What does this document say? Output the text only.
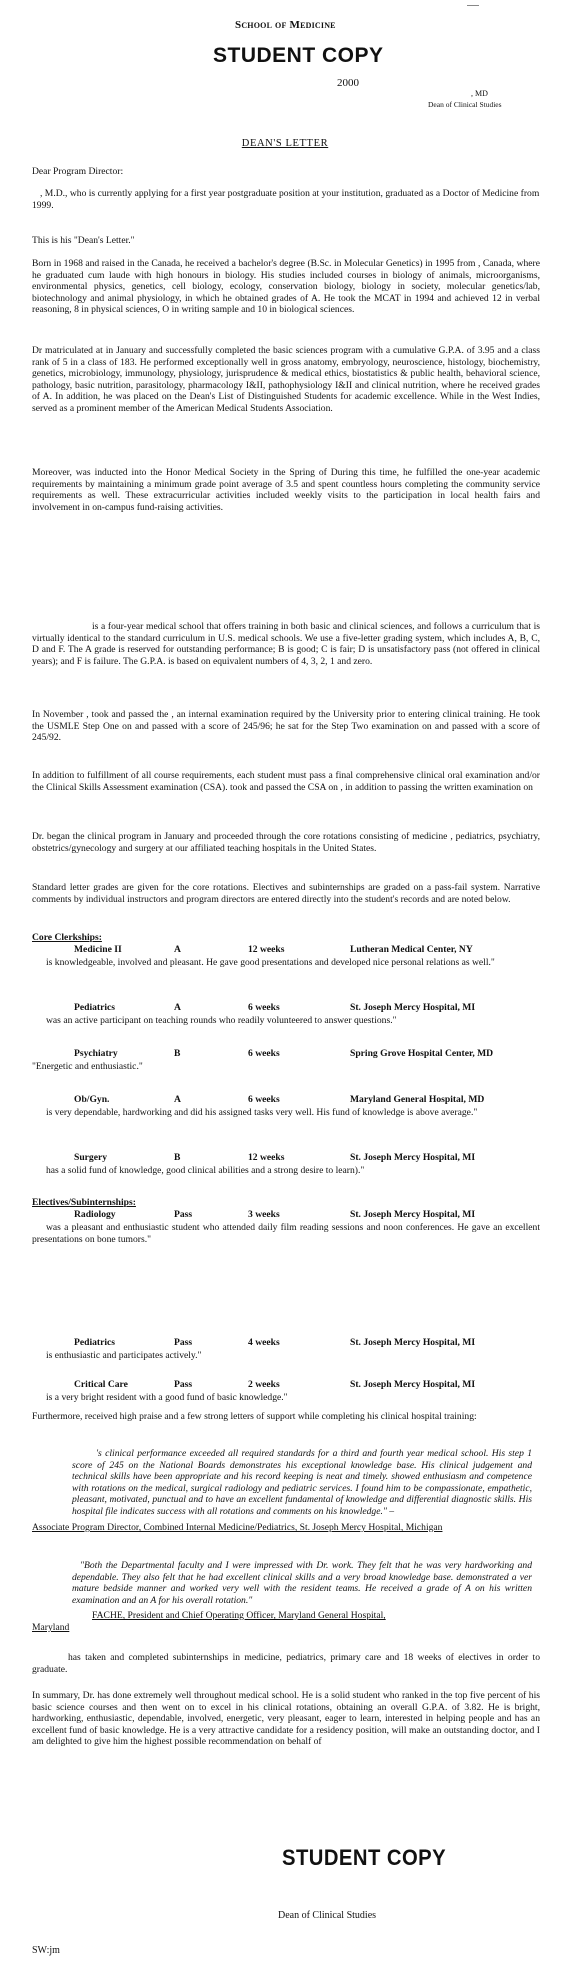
School of Medicine
STUDENT COPY
2000
, MD
Dean of Clinical Studies
DEAN'S LETTER

Dear Program Director:

, M.D., who is currently applying for a first year postgraduate position at your institution, graduated as a Doctor of Medicine from
1999.

This is his "Dean's Letter."

Born in 1968 and raised in the Canada, he received a bachelor's degree (B.Sc. in Molecular Genetics) in 1995 from , Canada, where he graduated cum laude with high honours in biology. His studies included courses in biology of animals, microorganisms, environmental physics, genetics, cell biology, ecology, conservation biology, biology in society, molecular genetics/lab, biotechnology and animal physiology, in which he obtained grades of A. He took the MCAT in 1994 and achieved 12 in verbal reasoning, 8 in physical sciences, O in writing sample and 10 in biological sciences.

Dr matriculated at in January and successfully completed the basic sciences program with a cumulative G.P.A. of 3.95 and a class rank of 5 in a class of 183. He performed exceptionally well in gross anatomy, embryology, neuroscience, histology, biochemistry, genetics, microbiology, immunology, physiology, jurisprudence & medical ethics, biostatistics & public health, behavioral science, pathology, basic nutrition, parasitology, pharmacology I&II, pathophysiology I&II and clinical nutrition, where he received grades of A. In addition, he was placed on the Dean's List of Distinguished Students for academic excellence. While in the West Indies, served as a prominent member of the American Medical Students Association.

Moreover, was inducted into the Honor Medical Society in the Spring of During this time, he fulfilled the one-year academic requirements by maintaining a minimum grade point average of 3.5 and spent countless hours completing the community service requirements as well. These extracurricular activities included weekly visits to the participation in local health fairs and involvement in on-campus fund-raising activities.

is a four-year medical school that offers training in both basic and clinical sciences, and follows a curriculum that is virtually identical to the standard curriculum in U.S. medical schools. We use a five-letter grading system, which includes A, B, C, D and F. The A grade is reserved for outstanding performance; B is good; C is fair; D is unsatisfactory pass (not offered in clinical years); and F is failure. The G.P.A. is based on equivalent numbers of 4, 3, 2, 1 and zero.

In November , took and passed the , an internal examination required by the University prior to entering clinical training. He took the USMLE Step One on and passed with a score of 245/96; he sat for the Step Two examination on and passed with a score of 245/92.

In addition to fulfillment of all course requirements, each student must pass a final comprehensive clinical oral examination and/or the Clinical Skills Assessment examination (CSA). took and passed the CSA on , in addition to passing the written examination on

Dr. began the clinical program in January and proceeded through the core rotations consisting of medicine , pediatrics, psychiatry, obstetrics/gynecology and surgery at our affiliated teaching hospitals in the United States.

Standard letter grades are given for the core rotations. Electives and subinternships are graded on a pass-fail system. Narrative comments by individual instructors and program directors are entered directly into the student's records and are noted below.

Core Clerkships:
Medicine II	A	12 weeks	Lutheran Medical Center, NY

is knowledgeable, involved and pleasant. He gave good presentations and developed nice personal relations as well."

Pediatrics	A	6 weeks	St. Joseph Mercy Hospital, MI

was an active participant on teaching rounds who readily volunteered to answer questions."

Psychiatry	B	6 weeks	Spring Grove Hospital Center, MD

"Energetic and enthusiastic."

Ob/Gyn.	A	6 weeks	Maryland General Hospital, MD

is very dependable, hardworking and did his assigned tasks very well. His fund of knowledge is above average."

Surgery	B	12 weeks	St. Joseph Mercy Hospital, MI

has a solid fund of knowledge, good clinical abilities and a strong desire to learn)."

Electives/Subinternships:
Radiology	Pass	3 weeks	St. Joseph Mercy Hospital, MI

was a pleasant and enthusiastic student who attended daily film reading sessions and noon conferences. He gave an excellent presentations on bone tumors."

Pediatrics	Pass	4 weeks	St. Joseph Mercy Hospital, MI

is enthusiastic and participates actively."

Critical Care	Pass	2 weeks	St. Joseph Mercy Hospital, MI

is a very bright resident with a good fund of basic knowledge."

Furthermore, received high praise and a few strong letters of support while completing his clinical hospital training:

's clinical performance exceeded all required standards for a third and fourth year medical school. His step 1 score of 245 on the National Boards demonstrates his exceptional knowledge base. His clinical judgement and technical skills have been appropriate and his record keeping is neat and timely. showed enthusiasm and competence with rotations on the medical, surgical radiology and pediatric services. I found him to be compassionate, empathetic, pleasant, motivated, punctual and to have an excellent fundamental of knowledge and differential diagnostic skills. His hospital file indicates success with all rotations and comments on his knowledge." –

Associate Program Director, Combined Internal Medicine/Pediatrics, St. Joseph Mercy Hospital, Michigan

"Both the Departmental faculty and I were impressed with Dr. work. They felt that he was very hardworking and dependable. They also felt that he had excellent clinical skills and a very broad knowledge base. demonstrated a ver mature bedside manner and worked very well with the resident teams. He received a grade of A on his written examination and an A for his overall rotation."

FACHE, President and Chief Operating Officer, Maryland General Hospital,

Maryland

has taken and completed subinternships in medicine, pediatrics, primary care and 18 weeks of electives in order to graduate.

In summary, Dr. has done extremely well throughout medical school. He is a solid student who ranked in the top five percent of his basic science courses and then went on to excel in his clinical rotations, obtaining an overall G.P.A. of 3.82. He is bright, hardworking, enthusiastic, dependable, involved, energetic, very pleasant, eager to learn, interested in helping people and has an excellent fund of basic knowledge. He is a very attractive candidate for a residency position, will make an outstanding doctor, and I am delighted to give him the highest possible recommendation on behalf of

STUDENT COPY
Dean of Clinical Studies
SW:jm
